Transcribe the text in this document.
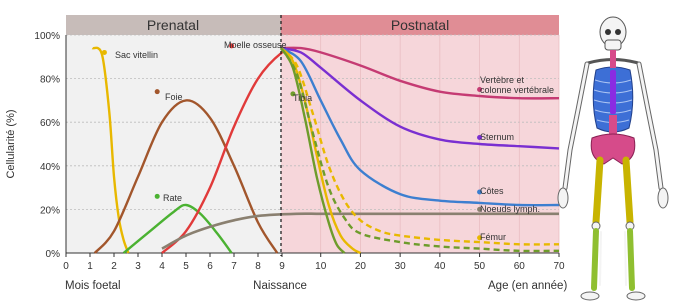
Prenatal	Postnatal
0%
20%
40%
60%
80%
100%
0 1 2 3 4 5 6 7 8 9	10	20	30	40	50	60	70
Cellularité (%)
Mois foetal	Naissance	Age (en année)
Sac vitellin
Foie
Rate
Moelle osseuse
Tibia
Vertèbre et
colonne vertébrale
Sternum
Côtes
Noeuds lymph.
Fémur
